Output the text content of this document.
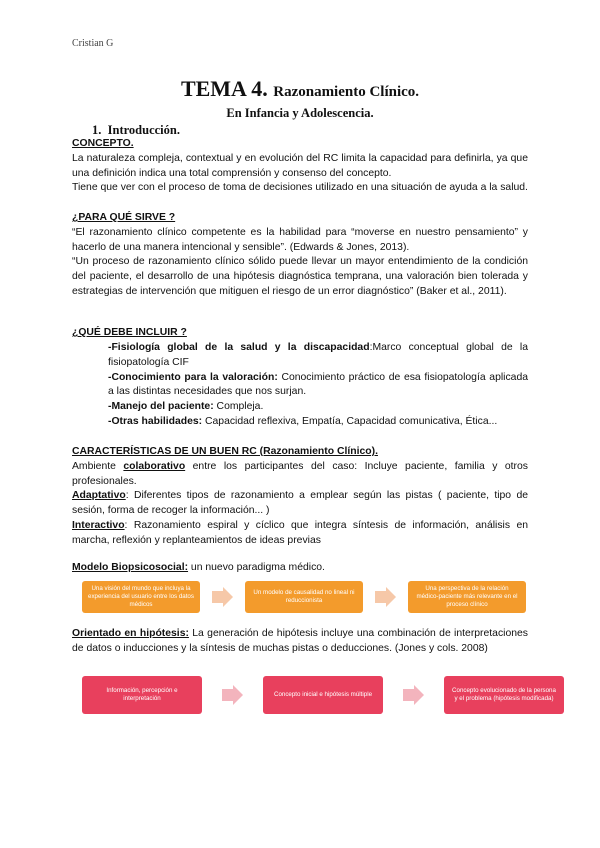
Cristian G
TEMA 4. Razonamiento Clínico.
En Infancia y Adolescencia.
1. Introducción.
CONCEPTO.

La naturaleza compleja, contextual y en evolución del RC limita la capacidad para definirla, ya que una definición indica una total comprensión y consenso del concepto.

Tiene que ver con el proceso de toma de decisiones utilizado en una situación de ayuda a la salud.

¿PARA QUÉ SIRVE ?

“El razonamiento clínico competente es la habilidad para “moverse en nuestro pensamiento” y hacerlo de una manera intencional y sensible”. (Edwards & Jones, 2013).

“Un proceso de razonamiento clínico sólido puede llevar un mayor entendimiento de la condición del paciente, el desarrollo de una hipótesis diagnóstica temprana, una valoración bien tolerada y estrategias de intervención que mitiguen el riesgo de un error diagnóstico” (Baker et al., 2011).

¿QUÉ DEBE INCLUIR ?

-Fisiología global de la salud y la discapacidad:Marco conceptual global de la fisiopatología CIF

-Conocimiento para la valoración: Conocimiento práctico de esa fisiopatología aplicada a las distintas necesidades que nos surjan.

-Manejo del paciente: Compleja.

-Otras habilidades: Capacidad reflexiva, Empatía, Capacidad comunicativa, Ética...

CARACTERÍSTICAS DE UN BUEN RC (Razonamiento Clínico).

Ambiente colaborativo entre los participantes del caso: Incluye paciente, familia y otros profesionales.

Adaptativo: Diferentes tipos de razonamiento a emplear según las pistas ( paciente, tipo de sesión, forma de recoger la información... )

Interactivo: Razonamiento espiral y cíclico que integra síntesis de información, análisis en marcha, reflexión y replanteamientos de ideas previas

Modelo Biopsicosocial: un nuevo paradigma médico.

Una visión del mundo que incluya la experiencia del usuario entre los datos médicos
Un modelo de causalidad no lineal ni reduccionista
Una perspectiva de la relación médico-paciente más relevante en el proceso clínico

Orientado en hipótesis: La generación de hipótesis incluye una combinación de interpretaciones de datos o inducciones y la síntesis de muchas pistas o deducciones. (Jones y cols. 2008)

Información, percepción e interpretación
Concepto inicial e hipótesis múltiple
Concepto evolucionado de la persona y el problema (hipótesis modificada)
